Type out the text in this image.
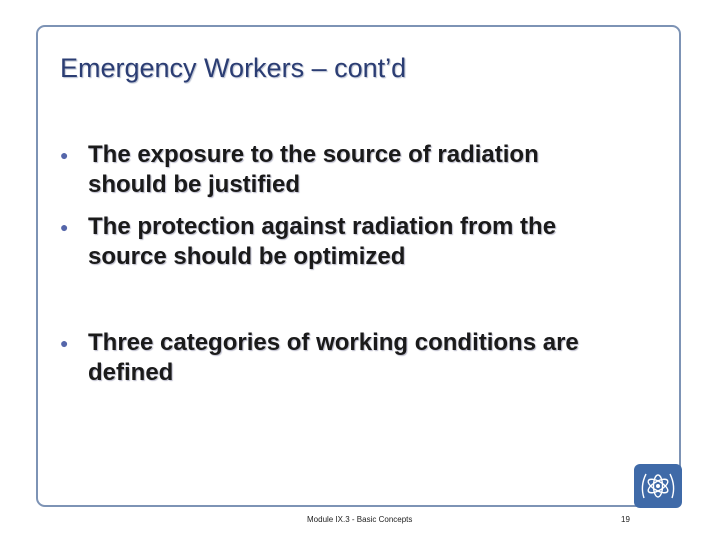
Emergency Workers – cont’d
● The exposure to the source of radiation
should be justified
● The protection against radiation from the
source should be optimized
● Three categories of working conditions are
defined
Module IX.3 - Basic Concepts	19
